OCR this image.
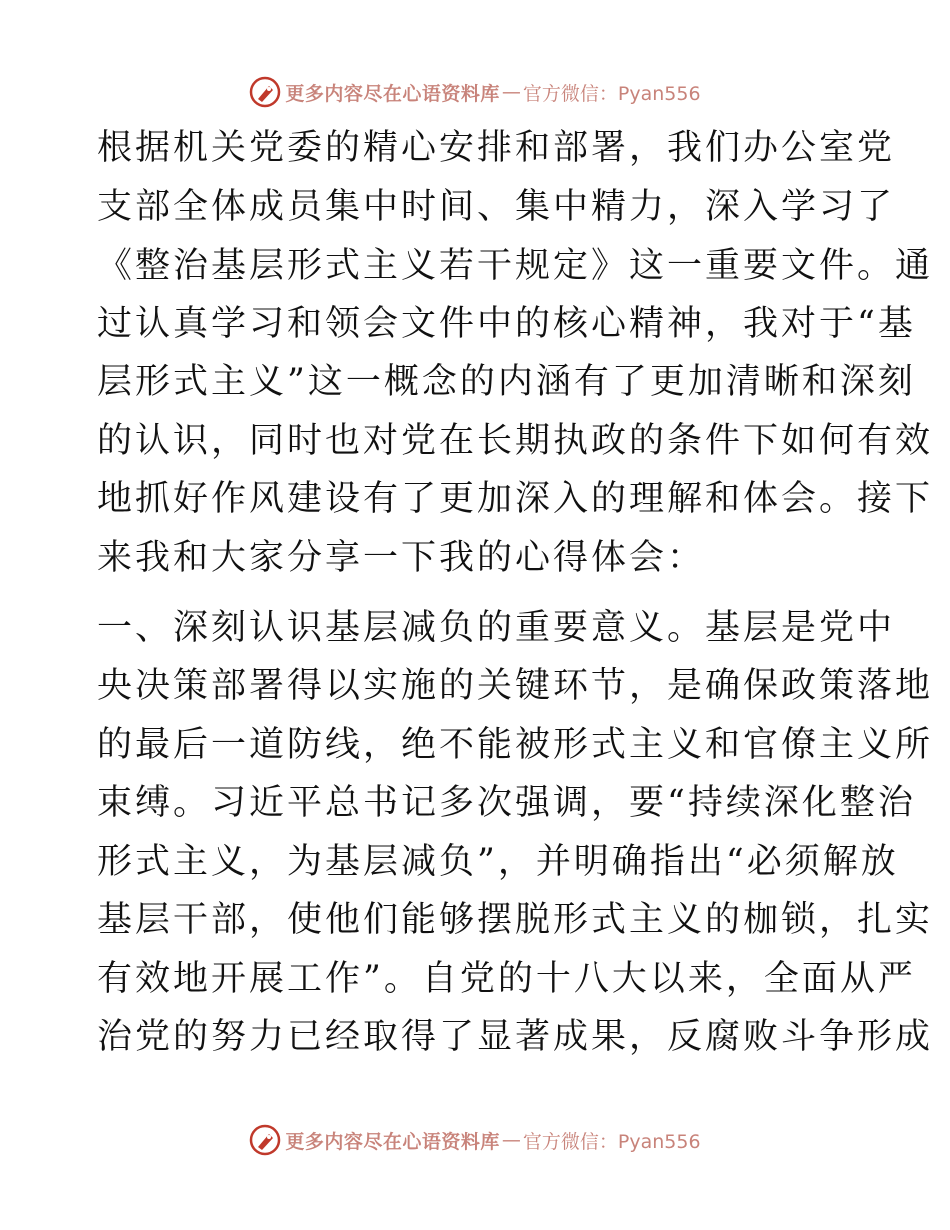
更多内容尽在心语资料库 — 官方微信：Pyan556
根据机关党委的精心安排和部署，我们办公室党
支部全体成员集中时间、集中精力，深入学习了
《整治基层形式主义若干规定》这一重要文件。通
过认真学习和领会文件中的核心精神，我对于“基
层形式主义”这一概念的内涵有了更加清晰和深刻
的认识，同时也对党在长期执政的条件下如何有效
地抓好作风建设有了更加深入的理解和体会。接下
来我和大家分享一下我的心得体会：
一、深刻认识基层减负的重要意义。基层是党中
央决策部署得以实施的关键环节，是确保政策落地
的最后一道防线，绝不能被形式主义和官僚主义所
束缚。习近平总书记多次强调，要“持续深化整治
形式主义，为基层减负”，并明确指出“必须解放
基层干部，使他们能够摆脱形式主义的枷锁，扎实
有效地开展工作”。自党的十八大以来，全面从严
治党的努力已经取得了显著成果，反腐败斗争形成
更多内容尽在心语资料库 — 官方微信：Pyan556
